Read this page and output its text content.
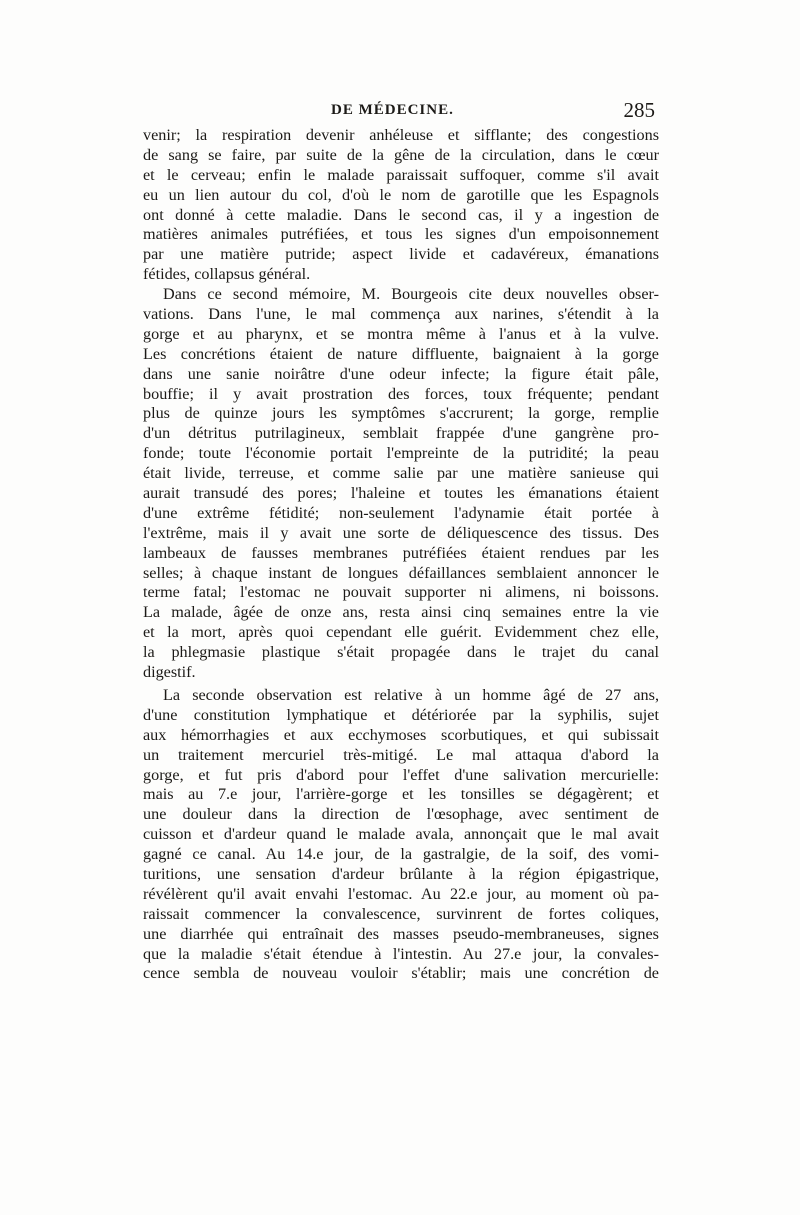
DE MÉDECINE.	285
venir; la respiration devenir anhéleuse et sifflante; des congestions
de sang se faire, par suite de la gêne de la circulation, dans le cœur
et le cerveau; enfin le malade paraissait suffoquer, comme s'il avait
eu un lien autour du col, d'où le nom de garotille que les Espagnols
ont donné à cette maladie. Dans le second cas, il y a ingestion de
matières animales putréfiées, et tous les signes d'un empoisonnement
par une matière putride; aspect livide et cadavéreux, émanations
fétides, collapsus général.
Dans ce second mémoire, M. Bourgeois cite deux nouvelles obser-
vations. Dans l'une, le mal commença aux narines, s'étendit à la
gorge et au pharynx, et se montra même à l'anus et à la vulve.
Les concrétions étaient de nature diffluente, baignaient à la gorge
dans une sanie noirâtre d'une odeur infecte; la figure était pâle,
bouffie; il y avait prostration des forces, toux fréquente; pendant
plus de quinze jours les symptômes s'accrurent; la gorge, remplie
d'un détritus putrilagineux, semblait frappée d'une gangrène pro-
fonde; toute l'économie portait l'empreinte de la putridité; la peau
était livide, terreuse, et comme salie par une matière sanieuse qui
aurait transudé des pores; l'haleine et toutes les émanations étaient
d'une extrême fétidité; non-seulement l'adynamie était portée à
l'extrême, mais il y avait une sorte de déliquescence des tissus. Des
lambeaux de fausses membranes putréfiées étaient rendues par les
selles; à chaque instant de longues défaillances semblaient annoncer le
terme fatal; l'estomac ne pouvait supporter ni alimens, ni boissons.
La malade, âgée de onze ans, resta ainsi cinq semaines entre la vie
et la mort, après quoi cependant elle guérit. Evidemment chez elle,
la phlegmasie plastique s'était propagée dans le trajet du canal
digestif.
La seconde observation est relative à un homme âgé de 27 ans,
d'une constitution lymphatique et détériorée par la syphilis, sujet
aux hémorrhagies et aux ecchymoses scorbutiques, et qui subissait
un traitement mercuriel très-mitigé. Le mal attaqua d'abord la
gorge, et fut pris d'abord pour l'effet d'une salivation mercurielle:
mais au 7.e jour, l'arrière-gorge et les tonsilles se dégagèrent; et
une douleur dans la direction de l'œsophage, avec sentiment de
cuisson et d'ardeur quand le malade avala, annonçait que le mal avait
gagné ce canal. Au 14.e jour, de la gastralgie, de la soif, des vomi-
turitions, une sensation d'ardeur brûlante à la région épigastrique,
révélèrent qu'il avait envahi l'estomac. Au 22.e jour, au moment où pa-
raissait commencer la convalescence, survinrent de fortes coliques,
une diarrhée qui entraînait des masses pseudo-membraneuses, signes
que la maladie s'était étendue à l'intestin. Au 27.e jour, la convales-
cence sembla de nouveau vouloir s'établir; mais une concrétion de
